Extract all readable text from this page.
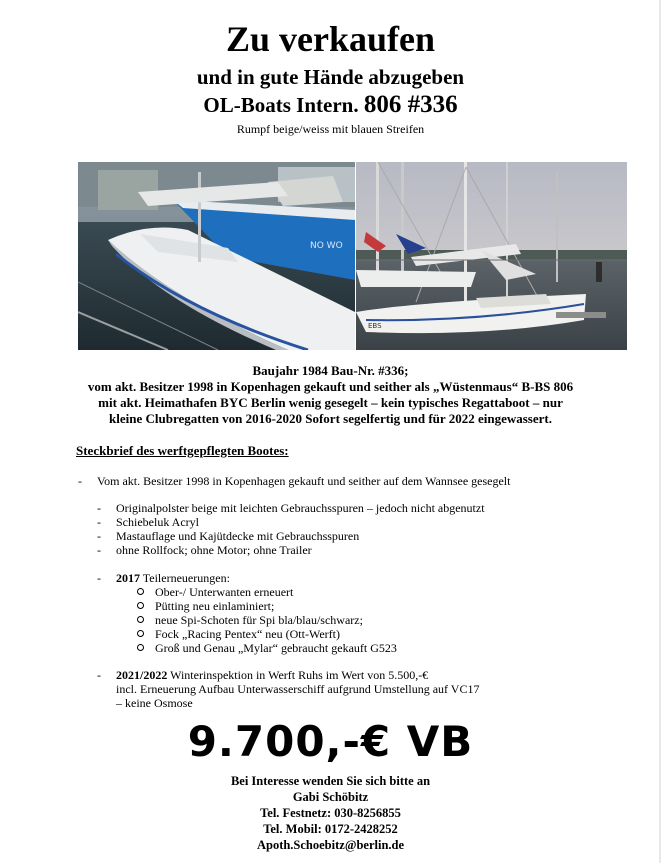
Zu verkaufen
und in gute Hände abzugeben
OL-Boats Intern. 806 #336
Rumpf beige/weiss mit blauen Streifen
NO WO
EBS
Baujahr 1984 Bau-Nr. #336;
vom akt. Besitzer 1998 in Kopenhagen gekauft und seither als „Wüstenmaus“ B-BS 806
mit akt. Heimathafen BYC Berlin wenig gesegelt – kein typisches Regattaboot – nur
kleine Clubregatten von 2016-2020 Sofort segelfertig und für 2022 eingewassert.
Steckbrief des werftgepflegten Bootes:
- Vom akt. Besitzer 1998 in Kopenhagen gekauft und seither auf dem Wannsee gesegelt
- Originalpolster beige mit leichten Gebrauchsspuren – jedoch nicht abgenutzt
- Schiebeluk Acryl
- Mastauflage und Kajütdecke mit Gebrauchsspuren
- ohne Rollfock; ohne Motor; ohne Trailer
- 2017 Teilerneuerungen:
Ober-/ Unterwanten erneuert
Pütting neu einlaminiert;
neue Spi-Schoten für Spi bla/blau/schwarz;
Fock „Racing Pentex“ neu (Ott-Werft)
Groß und Genau „Mylar“ gebraucht gekauft G523
- 2021/2022 Winterinspektion in Werft Ruhs im Wert von 5.500,-€
incl. Erneuerung Aufbau Unterwasserschiff aufgrund Umstellung auf VC17
– keine Osmose
9.700,-€ VB
Bei Interesse wenden Sie sich bitte an
Gabi Schöbitz
Tel. Festnetz: 030-8256855
Tel. Mobil: 0172-2428252
Apoth.Schoebitz@berlin.de
